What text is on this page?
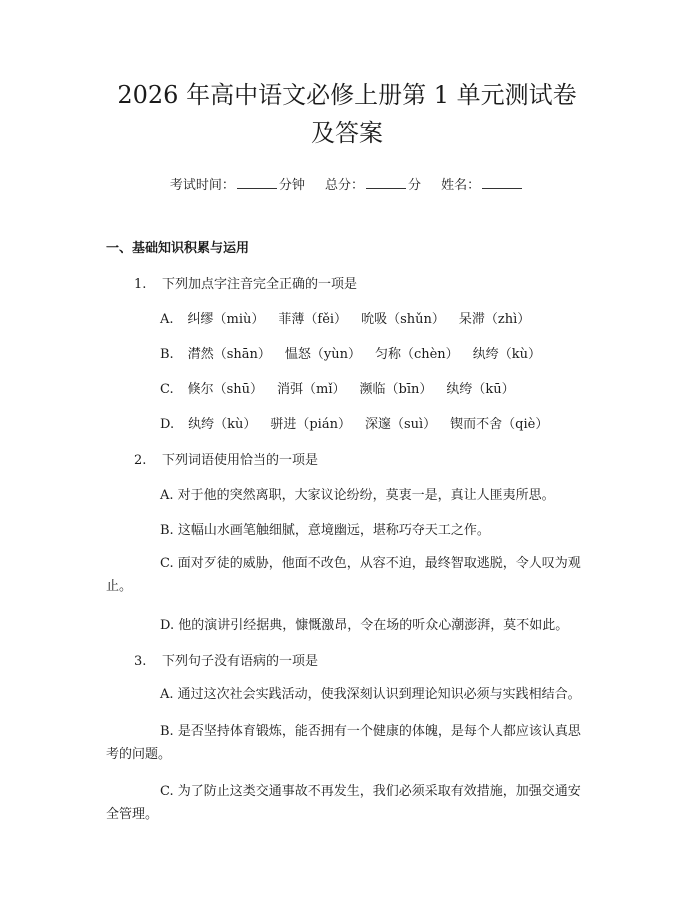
2026 年高中语文必修上册第 1 单元测试卷及答案
考试时间：	分钟 总分：	分 姓名：
一、基础知识积累与运用
1. 下列加点字注音完全正确的一项是
A. 纠缪（miù） 菲薄（fěi） 吮吸（shǔn） 呆滞（zhì）
B. 潸然（shān） 愠怒（yùn） 匀称（chèn） 纨绔（kù）
C. 倏尔（shū） 消弭（mǐ） 濒临（bīn） 纨绔（kū）
D. 纨绔（kù） 骈进（pián） 深邃（suì） 锲而不舍（qiè）
2. 下列词语使用恰当的一项是
A. 对于他的突然离职，大家议论纷纷，莫衷一是，真让人匪夷所思。
B. 这幅山水画笔触细腻，意境幽远，堪称巧夺天工之作。
C. 面对歹徒的威胁，他面不改色，从容不迫，最终智取逃脱，令人叹为观止。
D. 他的演讲引经据典，慷慨激昂，令在场的听众心潮澎湃，莫不如此。
3. 下列句子没有语病的一项是
A. 通过这次社会实践活动，使我深刻认识到理论知识必须与实践相结合。
B. 是否坚持体育锻炼，能否拥有一个健康的体魄，是每个人都应该认真思考的问题。
C. 为了防止这类交通事故不再发生，我们必须采取有效措施，加强交通安全管理。
